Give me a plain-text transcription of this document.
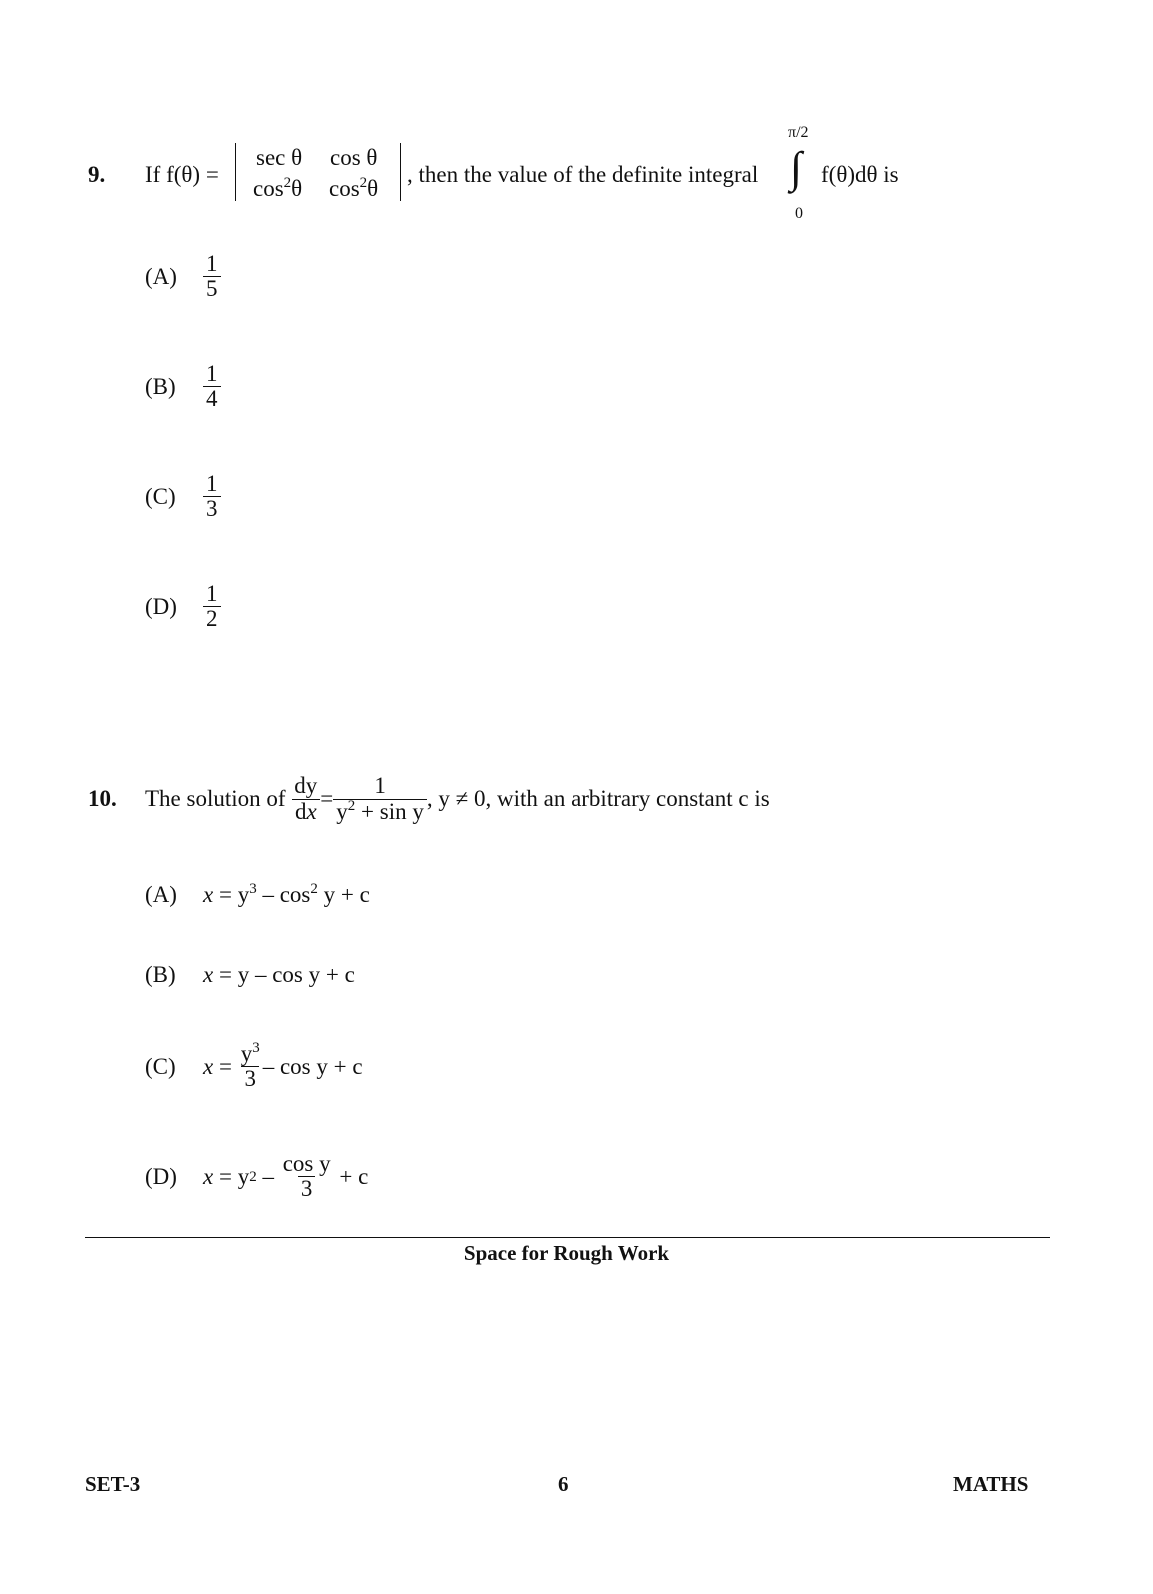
9. If f(θ) =
sec θ cos θ
$\cos^2\theta$ $\cos^2\theta$
, then the value of the definite integral
π/2
∫
0
f(θ)dθ is
(A)	$\frac{1}{5}$
(B)	$\frac{1}{4}$
(C)	$\frac{1}{3}$
(D)	$\frac{1}{2}$
10. The solution of
$\frac{dy}{dx} = \frac{1}{y^2 + \sin y}$ , y ≠ 0, with an arbitrary constant c is
(A)	$x = y^3 - \cos^2 y + c$
(B)	x = y – cos y + c
(C)	$x = \frac{y^3}{3} - \cos y + c$
(D)	x = y $2 - \frac{\text{cos y}}{3} + c$
Space for Rough Work
SET-3	6	MATHS
